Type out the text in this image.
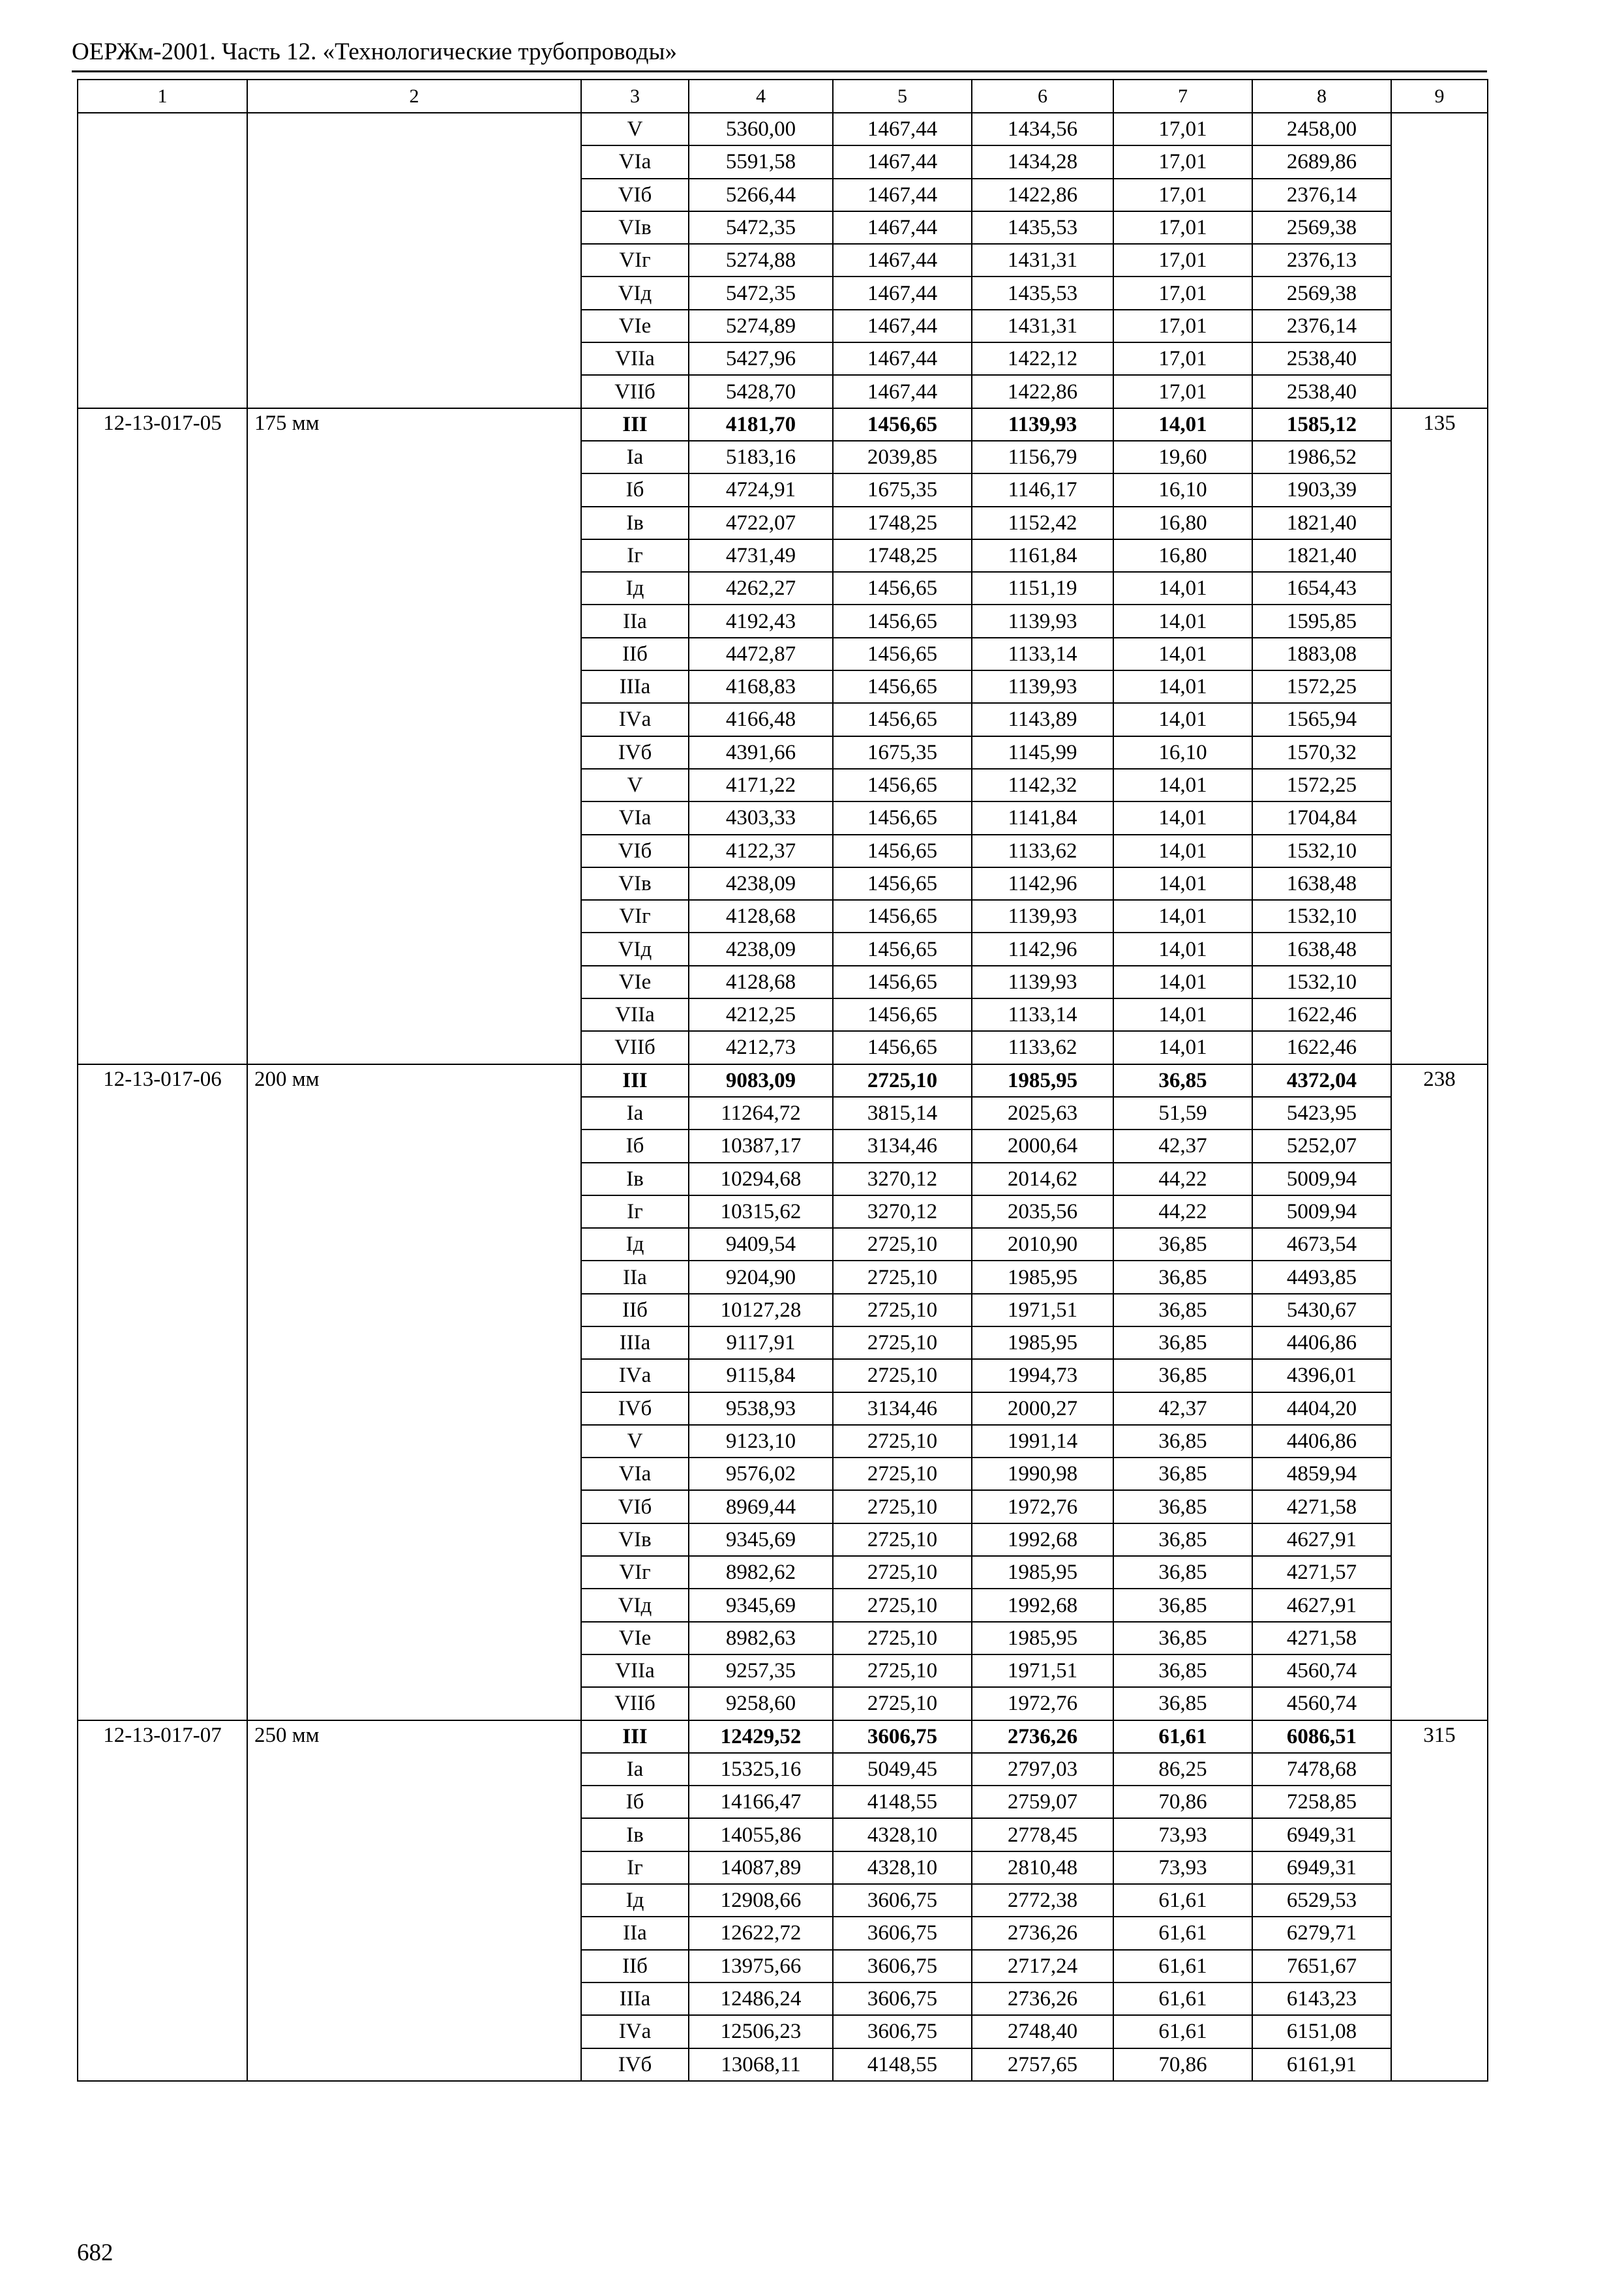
ОЕРЖм-2001. Часть 12. «Технологические трубопроводы»
1	2	3	4	5	6	7	8	9
		V	5360,00	1467,44	1434,56	17,01	2458,00	
		VIа	5591,58	1467,44	1434,28	17,01	2689,86	
		VIб	5266,44	1467,44	1422,86	17,01	2376,14	
		VIв	5472,35	1467,44	1435,53	17,01	2569,38	
		VIг	5274,88	1467,44	1431,31	17,01	2376,13	
		VIд	5472,35	1467,44	1435,53	17,01	2569,38	
		VIе	5274,89	1467,44	1431,31	17,01	2376,14	
		VIIа	5427,96	1467,44	1422,12	17,01	2538,40	
		VIIб	5428,70	1467,44	1422,86	17,01	2538,40	
12-13-017-05	175 мм	III	4181,70	1456,65	1139,93	14,01	1585,12	135
		Iа	5183,16	2039,85	1156,79	19,60	1986,52	
		Iб	4724,91	1675,35	1146,17	16,10	1903,39	
		Iв	4722,07	1748,25	1152,42	16,80	1821,40	
		Iг	4731,49	1748,25	1161,84	16,80	1821,40	
		Iд	4262,27	1456,65	1151,19	14,01	1654,43	
		IIа	4192,43	1456,65	1139,93	14,01	1595,85	
		IIб	4472,87	1456,65	1133,14	14,01	1883,08	
		IIIа	4168,83	1456,65	1139,93	14,01	1572,25	
		IVа	4166,48	1456,65	1143,89	14,01	1565,94	
		IVб	4391,66	1675,35	1145,99	16,10	1570,32	
		V	4171,22	1456,65	1142,32	14,01	1572,25	
		VIа	4303,33	1456,65	1141,84	14,01	1704,84	
		VIб	4122,37	1456,65	1133,62	14,01	1532,10	
		VIв	4238,09	1456,65	1142,96	14,01	1638,48	
		VIг	4128,68	1456,65	1139,93	14,01	1532,10	
		VIд	4238,09	1456,65	1142,96	14,01	1638,48	
		VIе	4128,68	1456,65	1139,93	14,01	1532,10	
		VIIа	4212,25	1456,65	1133,14	14,01	1622,46	
		VIIб	4212,73	1456,65	1133,62	14,01	1622,46	
12-13-017-06	200 мм	III	9083,09	2725,10	1985,95	36,85	4372,04	238
		Iа	11264,72	3815,14	2025,63	51,59	5423,95	
		Iб	10387,17	3134,46	2000,64	42,37	5252,07	
		Iв	10294,68	3270,12	2014,62	44,22	5009,94	
		Iг	10315,62	3270,12	2035,56	44,22	5009,94	
		Iд	9409,54	2725,10	2010,90	36,85	4673,54	
		IIа	9204,90	2725,10	1985,95	36,85	4493,85	
		IIб	10127,28	2725,10	1971,51	36,85	5430,67	
		IIIа	9117,91	2725,10	1985,95	36,85	4406,86	
		IVа	9115,84	2725,10	1994,73	36,85	4396,01	
		IVб	9538,93	3134,46	2000,27	42,37	4404,20	
		V	9123,10	2725,10	1991,14	36,85	4406,86	
		VIа	9576,02	2725,10	1990,98	36,85	4859,94	
		VIб	8969,44	2725,10	1972,76	36,85	4271,58	
		VIв	9345,69	2725,10	1992,68	36,85	4627,91	
		VIг	8982,62	2725,10	1985,95	36,85	4271,57	
		VIд	9345,69	2725,10	1992,68	36,85	4627,91	
		VIе	8982,63	2725,10	1985,95	36,85	4271,58	
		VIIа	9257,35	2725,10	1971,51	36,85	4560,74	
		VIIб	9258,60	2725,10	1972,76	36,85	4560,74	
12-13-017-07	250 мм	III	12429,52	3606,75	2736,26	61,61	6086,51	315
		Iа	15325,16	5049,45	2797,03	86,25	7478,68	
		Iб	14166,47	4148,55	2759,07	70,86	7258,85	
		Iв	14055,86	4328,10	2778,45	73,93	6949,31	
		Iг	14087,89	4328,10	2810,48	73,93	6949,31	
		Iд	12908,66	3606,75	2772,38	61,61	6529,53	
		IIа	12622,72	3606,75	2736,26	61,61	6279,71	
		IIб	13975,66	3606,75	2717,24	61,61	7651,67	
		IIIа	12486,24	3606,75	2736,26	61,61	6143,23	
		IVа	12506,23	3606,75	2748,40	61,61	6151,08	
		IVб	13068,11	4148,55	2757,65	70,86	6161,91	
682
